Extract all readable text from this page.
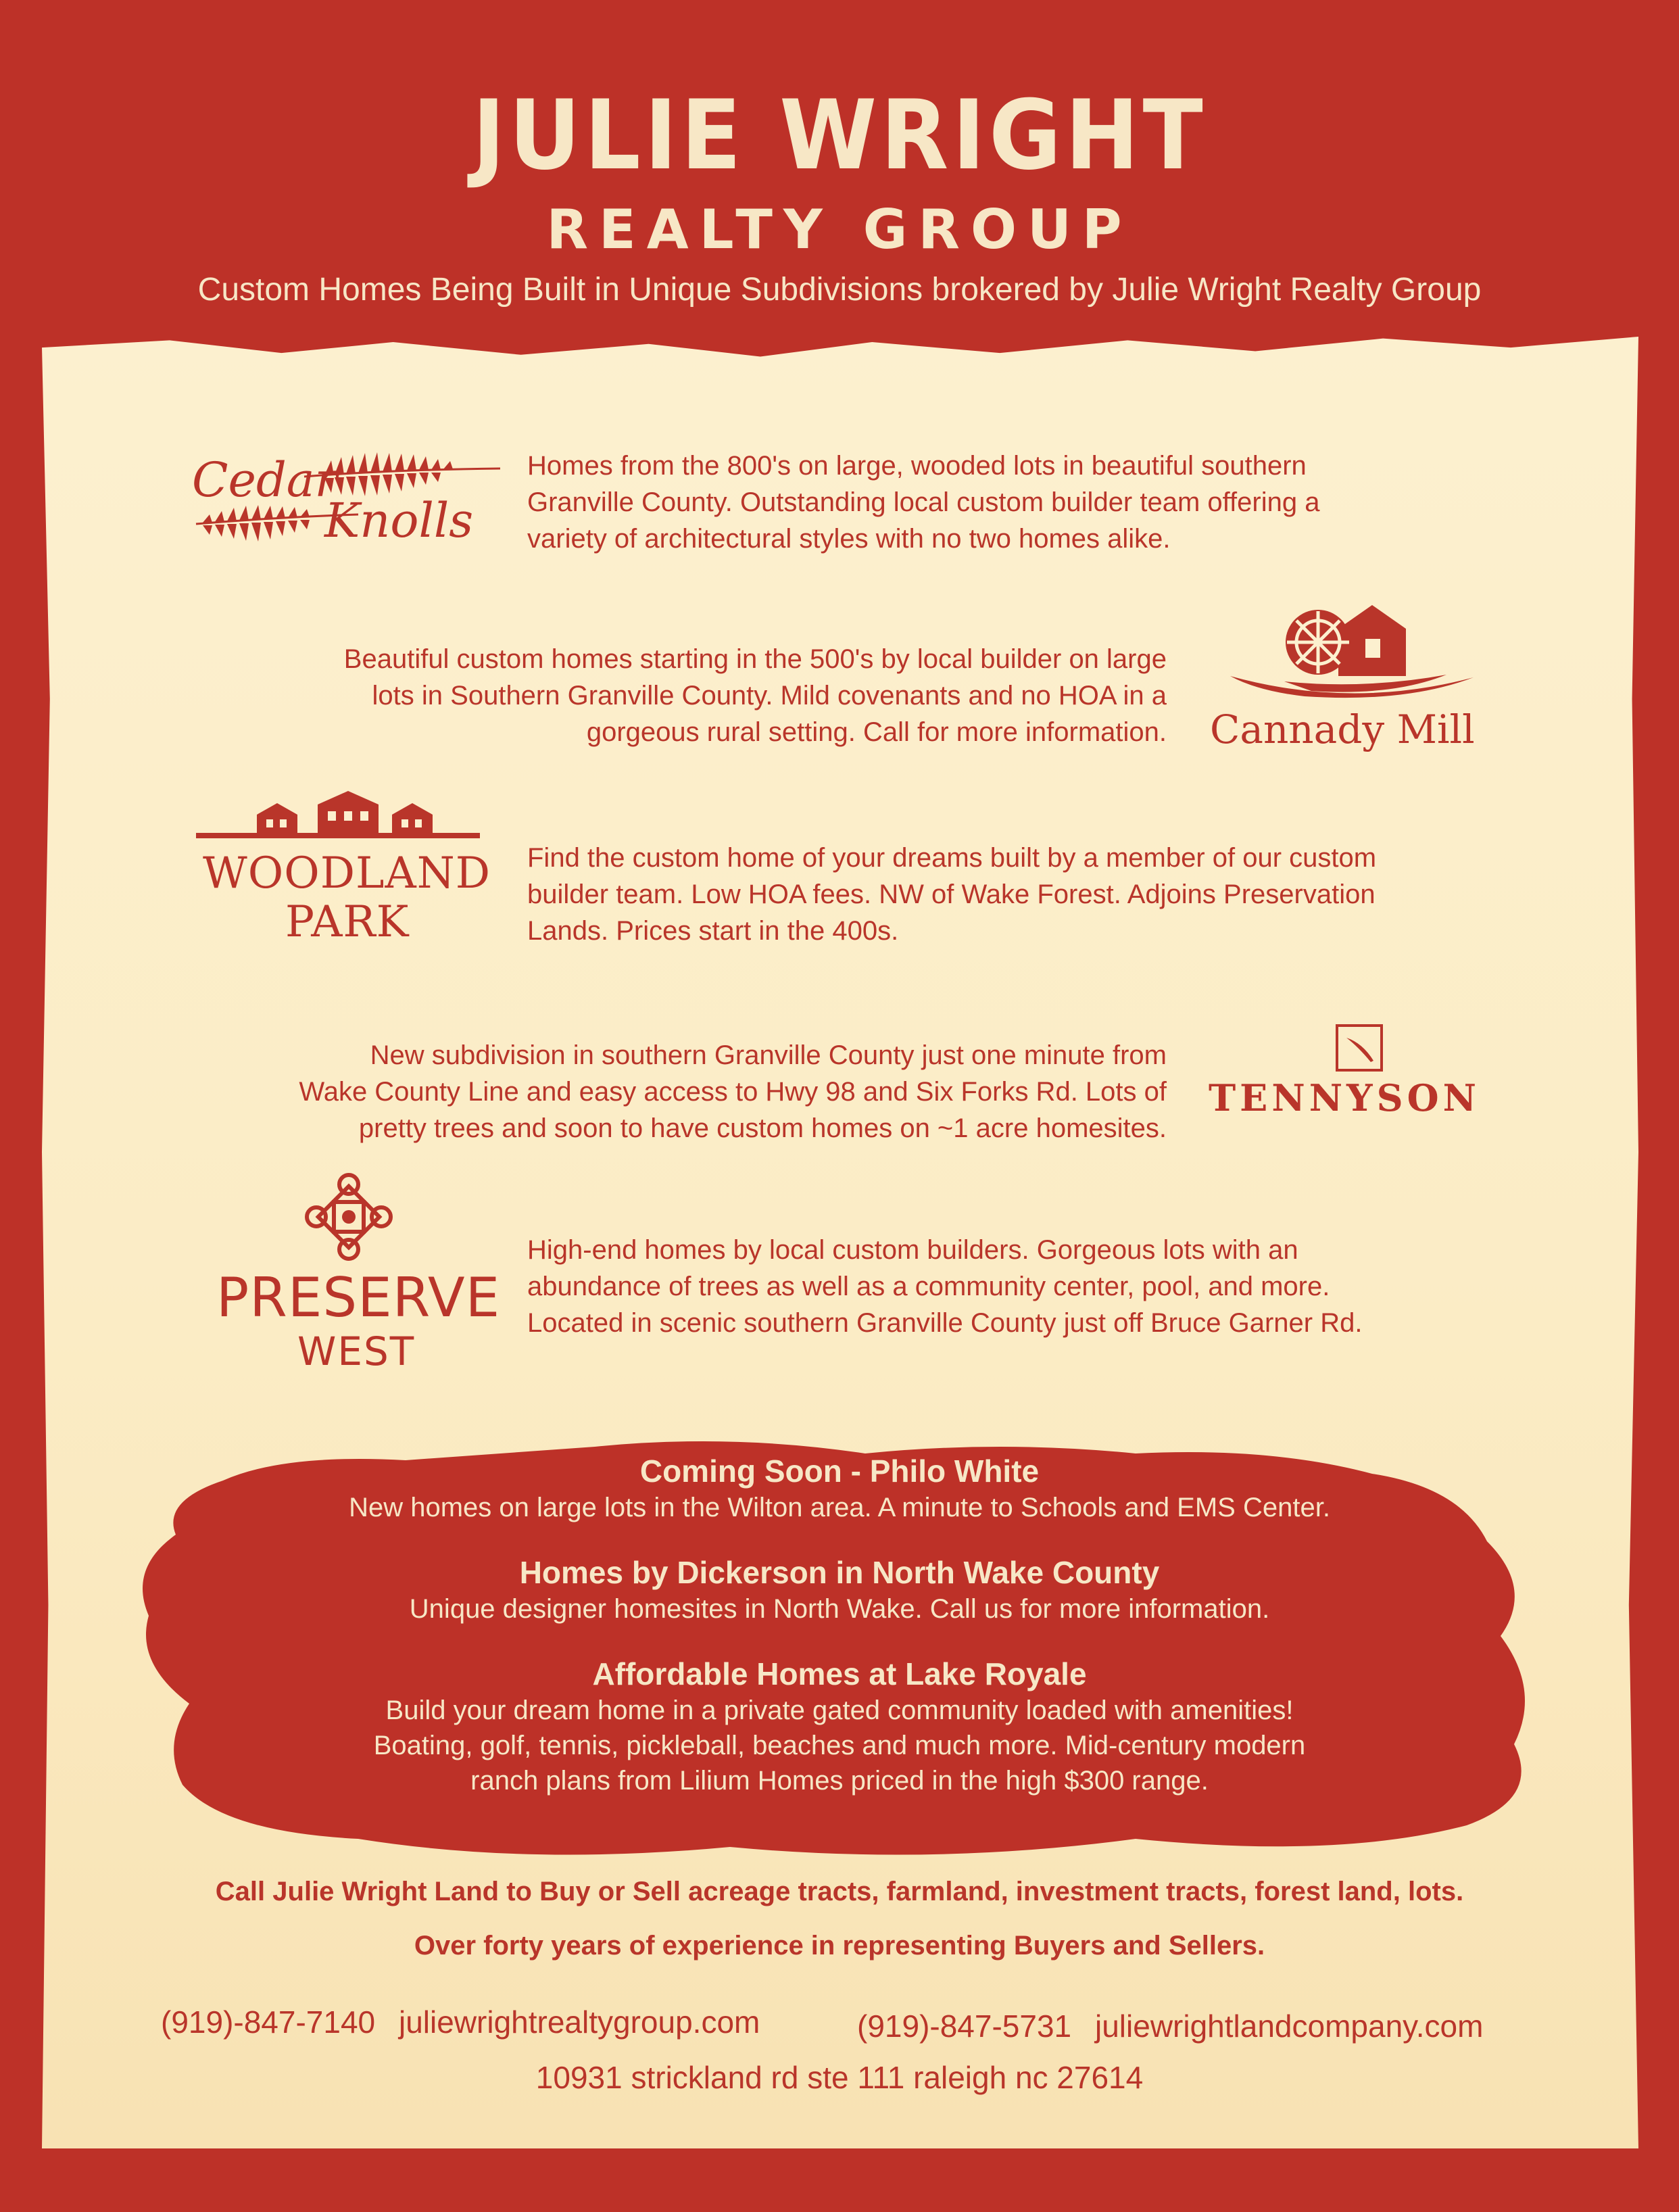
JULIE WRIGHT
REALTY GROUP
Custom Homes Being Built in Unique Subdivisions brokered by Julie Wright Realty Group
Cedar
Knolls
Homes from the 800's on large, wooded lots in beautiful southern
Granville County. Outstanding local custom builder team offering a
variety of architectural styles with no two homes alike.
Beautiful custom homes starting in the 500's by local builder on large
lots in Southern Granville County. Mild covenants and no HOA in a
gorgeous rural setting. Call for more information. Cannady Mill
WOODLAND
PARK
Find the custom home of your dreams built by a member of our custom
builder team. Low HOA fees. NW of Wake Forest. Adjoins Preservation
Lands. Prices start in the 400s.
New subdivision in southern Granville County just one minute from
Wake County Line and easy access to Hwy 98 and Six Forks Rd. Lots of
pretty trees and soon to have custom homes on ~1 acre homesites.
TENNYSON
PRESERVE
WEST
High-end homes by local custom builders. Gorgeous lots with an
abundance of trees as well as a community center, pool, and more.
Located in scenic southern Granville County just off Bruce Garner Rd.
Coming Soon - Philo White
New homes on large lots in the Wilton area. A minute to Schools and EMS Center.
Homes by Dickerson in North Wake County
Unique designer homesites in North Wake. Call us for more information.
Affordable Homes at Lake Royale
Build your dream home in a private gated community loaded with amenities!
Boating, golf, tennis, pickleball, beaches and much more. Mid-century modern
ranch plans from Lilium Homes priced in the high $300 range.
Call Julie Wright Land to Buy or Sell acreage tracts, farmland, investment tracts, forest land, lots.
Over forty years of experience in representing Buyers and Sellers.
(919)-847-7140 juliewrightrealtygroup.com	(919)-847-5731 juliewrightlandcompany.com
10931 strickland rd ste 111 raleigh nc 27614
